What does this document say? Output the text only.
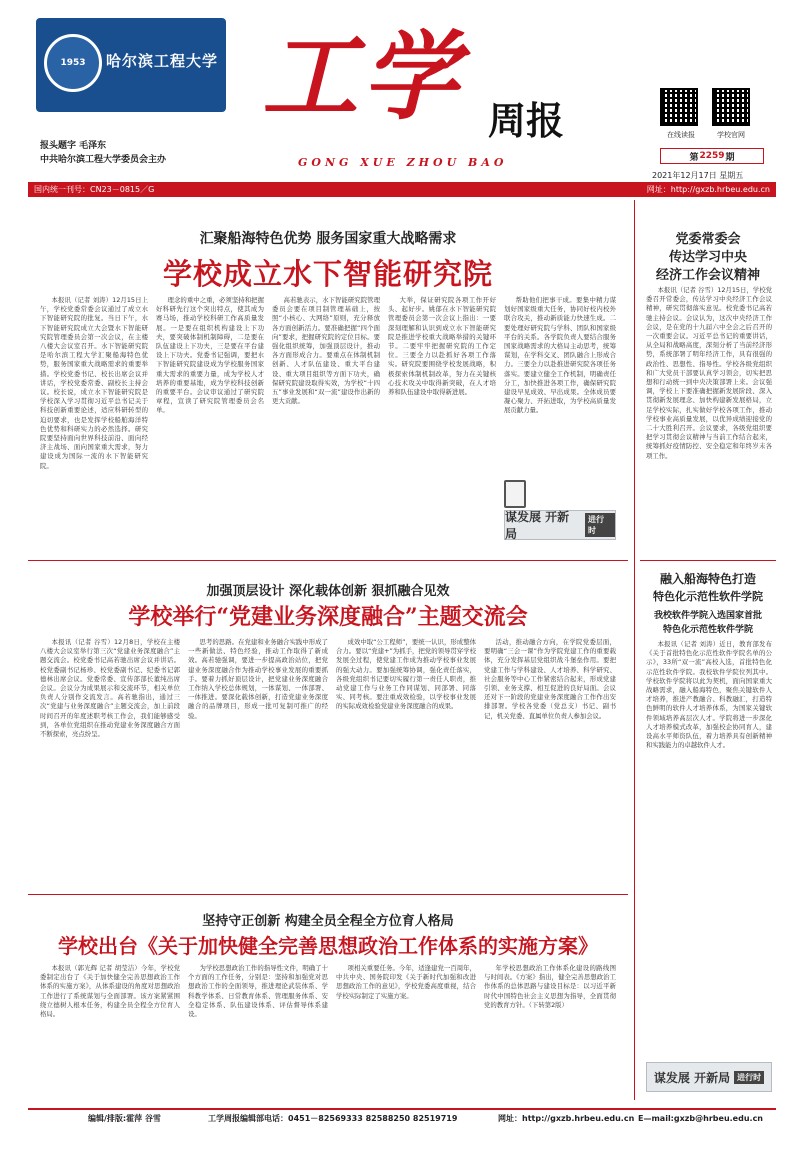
1953 哈尔滨工程大学
报头题字 毛泽东
中共哈尔滨工程大学委员会主办
工学 周报
GONG XUE ZHOU BAO
在线读报	学校官网
第 2259 期
2021年12月17日 星期五
国内统一刊号：CN23－0815／G	网址：http://gxzb.hrbeu.edu.cn
汇聚船海特色优势 服务国家重大战略需求
学校成立水下智能研究院

本报讯（记者 刘涛）12月15日上午，学校党委常委会议通过了成立水下智能研究院的批复。当日下午，水下智能研究院成立大会暨水下智能研究院管理委员会第一次会议，在主楼八楼大会议室召开。水下智能研究院是哈尔滨工程大学汇聚船海特色优势，服务国家重大战略需求的重要举措。学校党委书记、校长出席会议并讲话，学校党委常委、副校长主持会议。校长说，成立水下智能研究院是学校深入学习贯彻习近平总书记关于科技创新重要论述，适应科研转型的迫切要求，也是发挥学校船舶海洋特色优势和科研实力的必然选择。研究院要坚持面向世界科技前沿、面向经济主战场、面向国家重大需求，努力建设成为国际一流的水下智能研究院。

理念的重中之重，必须坚持和把握好科研先行这个突出特点，使其成为赛马场，推动学校科研工作高质量发展。一是要在组织机构建设上下功夫，要突破体制机制障碍，二是要在队伍建设上下功夫，三是要在平台建设上下功夫。党委书记强调，要把水下智能研究院建设成为学校服务国家重大需求的重要力量，成为学校人才培养的重要基地，成为学校科技创新的重要平台。会议审议通过了研究院章程，宣读了研究院管理委员会名单。

高若驰表示，水下智能研究院管理委员会要在项目制管理基础上，按照“小核心、大网络”原则，充分释放各方面创新活力。要准确把握“四个面向”要求，把握研究院的定位目标。要强化组织统筹，加强顶层设计，推动各方面形成合力。要重点在体制机制创新、人才队伍建设、重大平台建设、重大项目组织等方面下功夫，确保研究院建设取得实效，为学校“十四五”事业发展和“双一流”建设作出新的更大贡献。

大举，保证研究院各项工作开好头、起好步。姚郁在水下智能研究院管理委员会第一次会议上指出：一要深刻理解和认识到成立水下智能研究院是推进学校重大战略举措的关键环节。二要牢牢把握研究院的工作定位。三要全力以赴抓好各项工作落实。研究院要围绕学校发展战略，积极探索体制机制改革，努力在关键核心技术攻关中取得新突破，在人才培养和队伍建设中取得新进展。

帮助他们把事干成。要集中精力谋划好国家级重大任务，协同好校内校外联合攻关，推动新质能力快速生成。二要处理好研究院与学科、团队和国家级平台的关系。各学院负责人要结合服务国家战略需求的大格局主动思考，统筹谋划，在学科交叉、团队融合上形成合力。三要全力以赴推进研究院各项任务落实。要建立健全工作机制，明确责任分工，加快推进各项工作，确保研究院建设早见成效、早出成果。全体成员要凝心聚力、开拓进取，为学校高质量发展贡献力量。

谋发展 开新局
进行时
加强顶层设计 深化载体创新 狠抓融合见效
学校举行“党建业务深度融合”主题交流会

本报讯（记者 谷雪）12月8日，学校在主楼八楼大会议室举行第三次“党建业务深度融合”主题交流会。校党委书记高若驰出席会议并讲话。校党委副书记杨珍、校党委副书记、纪委书记郭德林出席会议。党委常委、宣传部部长董纯出席会议。会议分为成果展示和交流环节，相关单位负责人分别作交流发言。高若驰指出，通过三次“党建与业务深度融合”主题交流会，加上前段时间召开的年度述职考核工作会，我们能够感受到，各单位党组织在推动党建业务深度融合方面不断探索，亮点纷呈。

思考的思路。在党建和业务融合实践中形成了一些新做法、特色经验，推动工作取得了新成效。高若驰强调，要进一步提高政治站位，把党建业务深度融合作为推动学校事业发展的重要抓手。要着力抓好顶层设计，把党建业务深度融合工作纳入学校总体规划，一体谋划、一体部署、一体推进。要深化载体创新，打造党建业务深度融合的品牌项目，形成一批可复制可推广的经验。

成效中取“公工程师”，要统一认识，形成整体合力。要以“党建+”为抓手，把党的领导贯穿学校发展全过程，使党建工作成为推动学校事业发展的强大动力。要加强统筹协调，强化责任落实，各级党组织书记要切实履行第一责任人职责，推动党建工作与业务工作同谋划、同部署、同落实、同考核。要注重成效检验，以学校事业发展的实际成效检验党建业务深度融合的成果。

活动，推动融合方向，在学院党委层面，要明确“三会一课”作为学院党建工作的重要载体，充分发挥基层党组织战斗堡垒作用。要把党建工作与学科建设、人才培养、科学研究、社会服务等中心工作紧密结合起来，形成党建引领、业务支撑、相互促进的良好局面。会议还对下一阶段的党建业务深度融合工作作出安排部署。学校各党委（党总支）书记、副书记，机关党委、直属单位负责人参加会议。

坚持守正创新 构建全员全程全方位育人格局
学校出台《关于加快健全完善思想政治工作体系的实施方案》

本报讯（郭光辉 记者 胡莹洁）今年，学校党委制定出台了《关于加快健全完善思想政治工作体系的实施方案》，从体系建设的角度对思想政治工作进行了系统谋划与全面部署。该方案紧紧围绕立德树人根本任务，构建全员全程全方位育人格局。

为学校思想政治工作的指导性文件，明确了十个方面的工作任务，分别是：坚持和加强党对思想政治工作的全面领导，推进理论武装体系、学科教学体系、日常教育体系、管理服务体系、安全稳定体系、队伍建设体系、评估督导体系建设。

项相关重要任务。今年，适逢建党一百周年，中共中央、国务院印发《关于新时代加强和改进思想政治工作的意见》，学校党委高度重视，结合学校实际制定了实施方案。

年学校思想政治工作体系化建设的路线图与时间表。《方案》指出，健全完善思想政治工作体系的总体思路与建设目标是：以习近平新时代中国特色社会主义思想为指导，全面贯彻党的教育方针。（下转第2版）

党委常委会
传达学习中央
经济工作会议精神

本报讯（记者 谷雪）12月15日，学校党委召开常委会，传达学习中央经济工作会议精神，研究贯彻落实意见。校党委书记高若驰主持会议。会议认为，这次中央经济工作会议，是在党的十九届六中全会之后召开的一次重要会议。习近平总书记的重要讲话，从全局和战略高度，深刻分析了当前经济形势，系统部署了明年经济工作，具有很强的政治性、思想性、指导性。学校各级党组织和广大党员干部要认真学习领会，切实把思想和行动统一到中央决策部署上来。会议强调，学校上下要准确把握新发展阶段、深入贯彻新发展理念、加快构建新发展格局，立足学校实际，扎实做好学校各项工作，推动学校事业高质量发展，以优异成绩迎接党的二十大胜利召开。会议要求，各级党组织要把学习贯彻会议精神与当前工作结合起来，统筹抓好疫情防控、安全稳定和年终岁末各项工作。

融入船海特色打造
特色化示范性软件学院
我校软件学院入选国家首批
特色化示范性软件学院

本报讯（记者 刘涛）近日，教育部发布《关于首批特色化示范性软件学院名单的公示》，33所“双一流”高校入选，首批特色化示范性软件学院。我校软件学院位列其中。学校软件学院将以此为契机，面向国家重大战略需求，融入船海特色，聚焦关键软件人才培养，推进产教融合、科教融汇，打造特色鲜明的软件人才培养体系，为国家关键软件领域培养高层次人才。学院将进一步深化人才培养模式改革，加强校企协同育人，建设高水平师资队伍，着力培养具有创新精神和实践能力的卓越软件人才。

谋发展 开新局 进行时
编辑/排版:霍萍 谷雪	工学周报编辑部电话：0451－82569333 82588250 82519719	网址：http://gxzb.hrbeu.edu.cn E—mail:gxzb@hrbeu.edu.cn
